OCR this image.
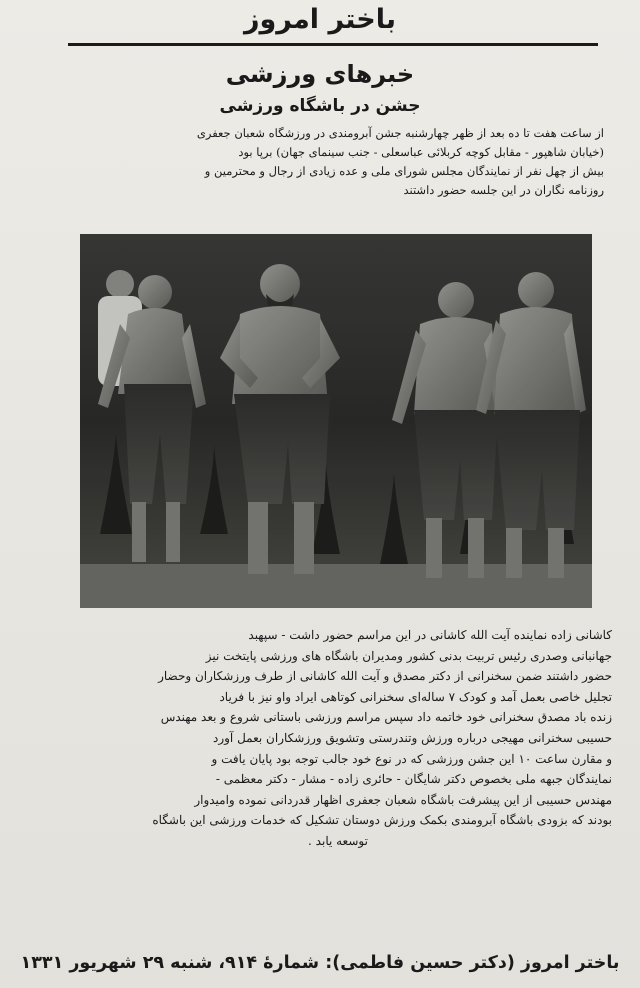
باختر امروز
خبرهای ورزشی
جشن در باشگاه ورزشی

از ساعت هفت تا ده بعد از ظهر چهارشنبه جشن آبرومندی در ورزشگاه شعبان جعفری

(خیابان شاهپور - مقابل کوچه کربلائی عباسعلی - جنب سینمای جهان) برپا بود

بیش از چهل نفر از نمایندگان مجلس شورای ملی و عده زیادی از رجال و محترمین و

روزنامه نگاران در این جلسه حضور داشتند

کاشانی زاده نماینده آیت الله کاشانی در این مراسم حضور داشت - سپهبد

جهانبانی وصدری رئیس تربیت بدنی کشور ومدیران باشگاه های ورزشی پایتخت نیز

حضور داشتند ضمن سخنرانی از دکتر مصدق و آیت الله کاشانی از طرف ورزشکاران وحضار

تجلیل خاصی بعمل آمد و کودک ۷ ساله‌ای سخنرانی کوتاهی ایراد واو نیز با فریاد

زنده باد مصدق سخنرانی خود خاتمه داد سپس مراسم ورزشی باستانی شروع و بعد مهندس

حسیبی سخنرانی مهیجی درباره ورزش وتندرستی وتشویق ورزشکاران بعمل آورد

و مقارن ساعت ۱۰ این جشن ورزشی که در نوع خود جالب توجه بود پایان یافت و

نمایندگان جبهه ملی بخصوص دکتر شایگان - حائری زاده - مشار - دکتر معظمی -

مهندس حسیبی از این پیشرفت باشگاه شعبان جعفری اظهار قدردانی نموده وامیدوار

بودند که بزودی باشگاه آبرومندی بکمک ورزش دوستان تشکیل که خدمات ورزشی این باشگاه

توسعه یابد .

باختر امروز (دکتر حسین فاطمی): شمارهٔ ۹۱۴، شنبه ۲۹ شهریور ۱۳۳۱
